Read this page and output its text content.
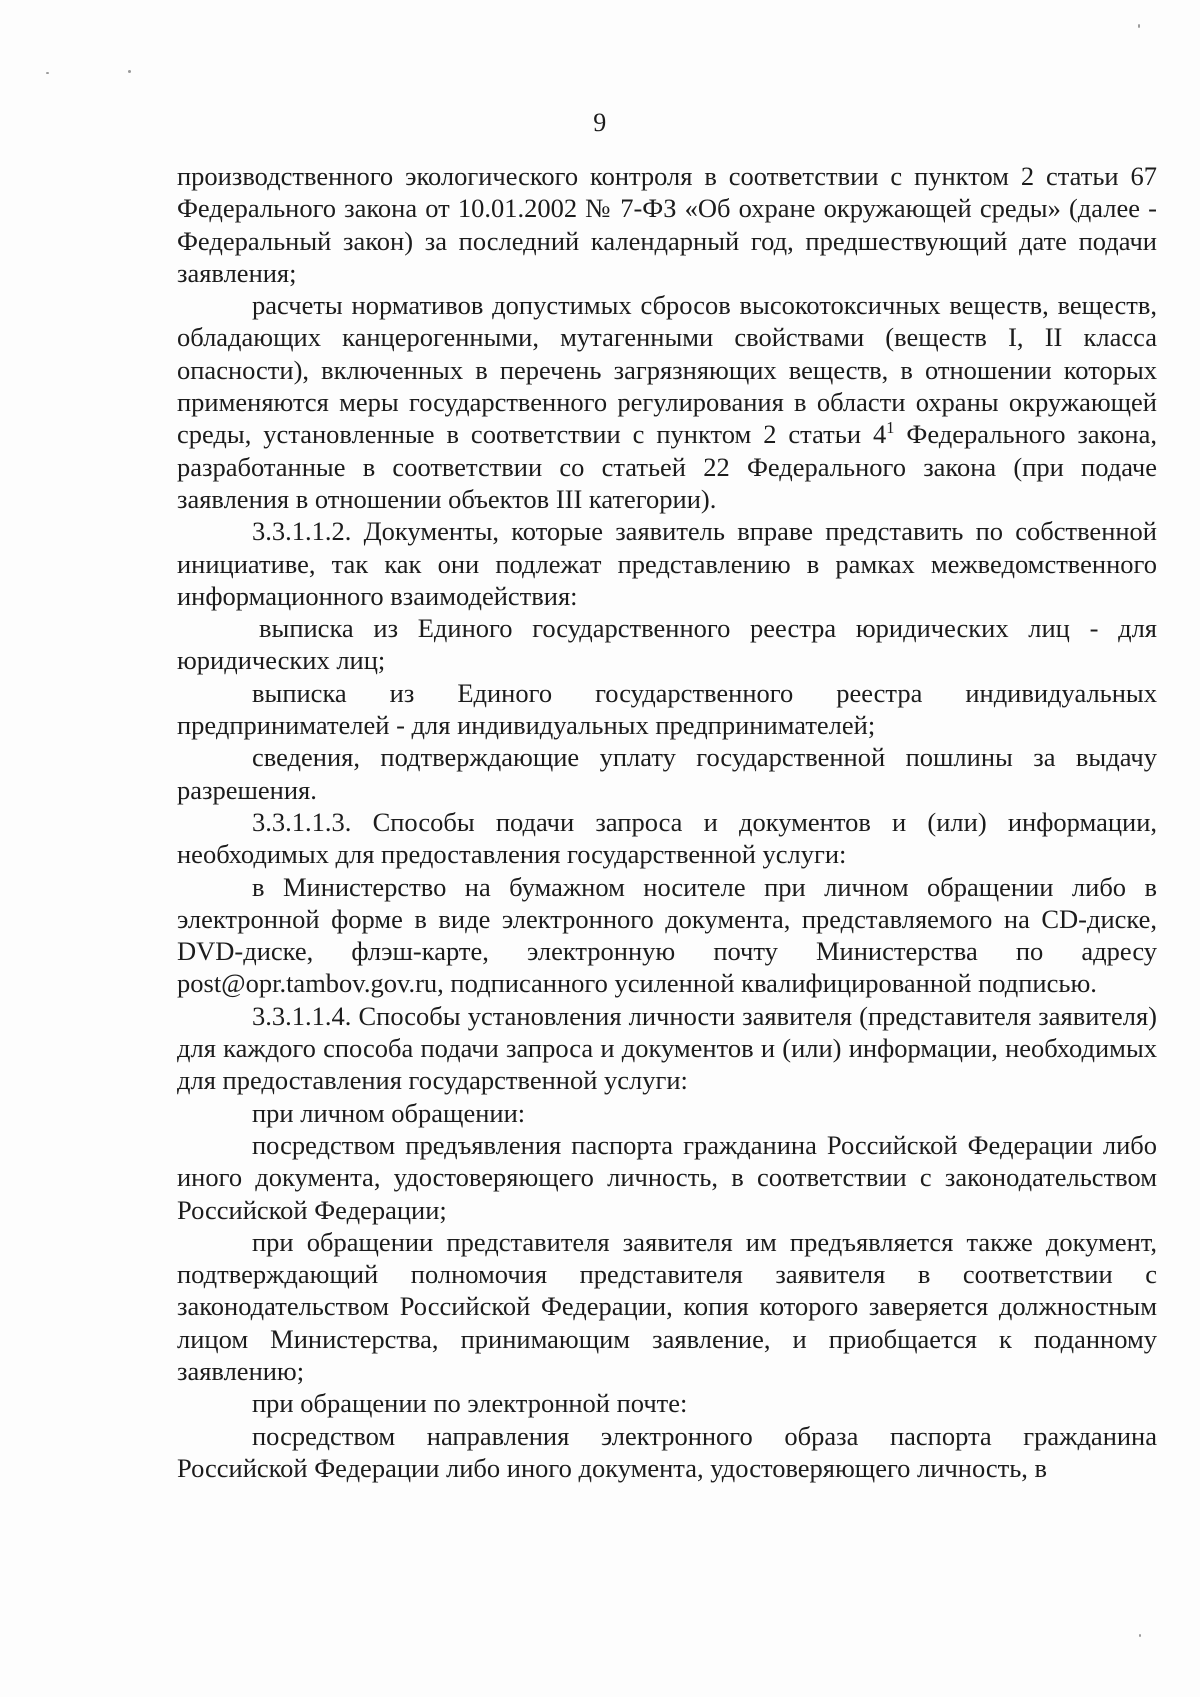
9

производственного экологического контроля в соответствии с пунктом 2 статьи 67 Федерального закона от 10.01.2002 № 7-ФЗ «Об охране окружающей среды» (далее - Федеральный закон) за последний календарный год, предшествующий дате подачи заявления;

расчеты нормативов допустимых сбросов высокотоксичных веществ, веществ, обладающих канцерогенными, мутагенными свойствами (веществ I, II класса опасности), включенных в перечень загрязняющих веществ, в отношении которых применяются меры государственного регулирования в области охраны окружающей среды, установленные в соответствии с пунктом 2 статьи $4^1$ Федерального закона, разработанные в соответствии со статьей 22 Федерального закона (при подаче заявления в отношении объектов III категории).

3.3.1.1.2. Документы, которые заявитель вправе представить по собственной инициативе, так как они подлежат представлению в рамках межведомственного информационного взаимодействия:

выписка из Единого государственного реестра юридических лиц - для юридических лиц;

выписка из Единого государственного реестра индивидуальных предпринимателей - для индивидуальных предпринимателей;

сведения, подтверждающие уплату государственной пошлины за выдачу разрешения.

3.3.1.1.3. Способы подачи запроса и документов и (или) информации, необходимых для предоставления государственной услуги:

в Министерство на бумажном носителе при личном обращении либо в электронной форме в виде электронного документа, представляемого на CD-диске, DVD-диске, флэш-карте, электронную почту Министерства по адресу post@opr.tambov.gov.ru, подписанного усиленной квалифицированной подписью.

3.3.1.1.4. Способы установления личности заявителя (представителя заявителя) для каждого способа подачи запроса и документов и (или) информации, необходимых для предоставления государственной услуги:

при личном обращении:

посредством предъявления паспорта гражданина Российской Федерации либо иного документа, удостоверяющего личность, в соответствии с законодательством Российской Федерации;

при обращении представителя заявителя им предъявляется также документ, подтверждающий полномочия представителя заявителя в соответствии с законодательством Российской Федерации, копия которого заверяется должностным лицом Министерства, принимающим заявление, и приобщается к поданному заявлению;

при обращении по электронной почте:

посредством направления электронного образа паспорта гражданина Российской Федерации либо иного документа, удостоверяющего личность, в
